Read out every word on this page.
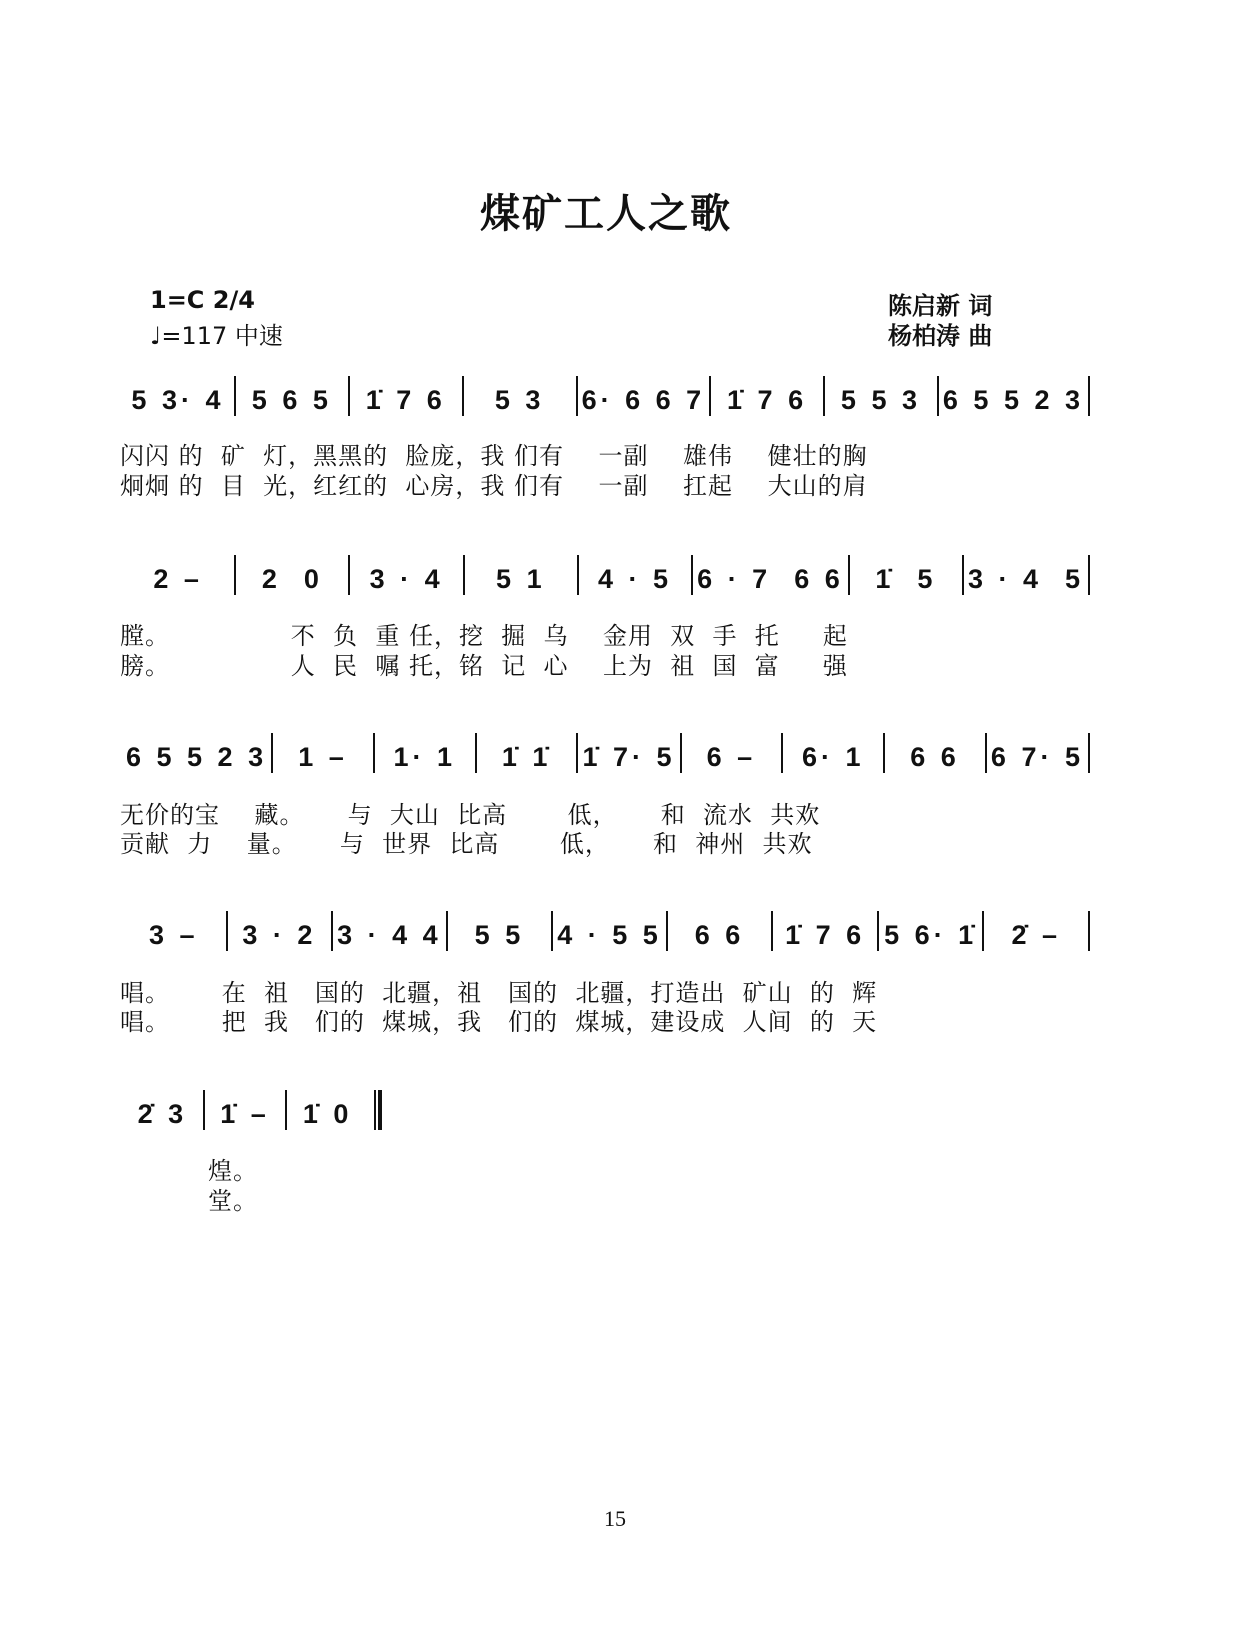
煤矿工人之歌
1=C 2/4
♩=117 中速
陈启新 词
杨柏涛 曲
5 3· 4	5 6 5	1̇ 7 6	5 3	6· 6 6 7 1̇ 7 6	5 5 3 6 5 5 2 3
闪闪 的  矿  灯，黑黑的  脸庞，我 们有    一副    雄伟    健壮的胸
炯炯 的  目  光，红红的  心房，我 们有    一副    扛起    大山的肩
2 –	2  0	3 · 4	5 1	4 · 5 6 · 7  6 6	1̇  5	3 · 4  5
膛。              不  负  重 任，挖  掘  乌    金用  双  手  托     起
膀。              人  民  嘱 托，铭  记  心    上为  祖  国  富     强
6 5 5 2 3	1 –	1· 1	1̇ 1̇	1̇ 7· 5	6 –	6· 1	6 6	6 7· 5
无价的宝    藏。     与  大山  比高       低，     和  流水  共欢
贡献  力    量。     与  世界  比高       低，     和  神州  共欢
3 –	3 · 2 3 · 4 4	5 5	4 · 5 5	6 6	1̇ 7 6 5 6· 1̇	2̇ –
唱。      在  祖   国的  北疆，祖   国的  北疆，打造出  矿山  的  辉
唱。      把  我   们的  煤城，我   们的  煤城，建设成  人间  的  天
2̇ 3	1̇ –	1̇ 0
煌。
堂。
15
